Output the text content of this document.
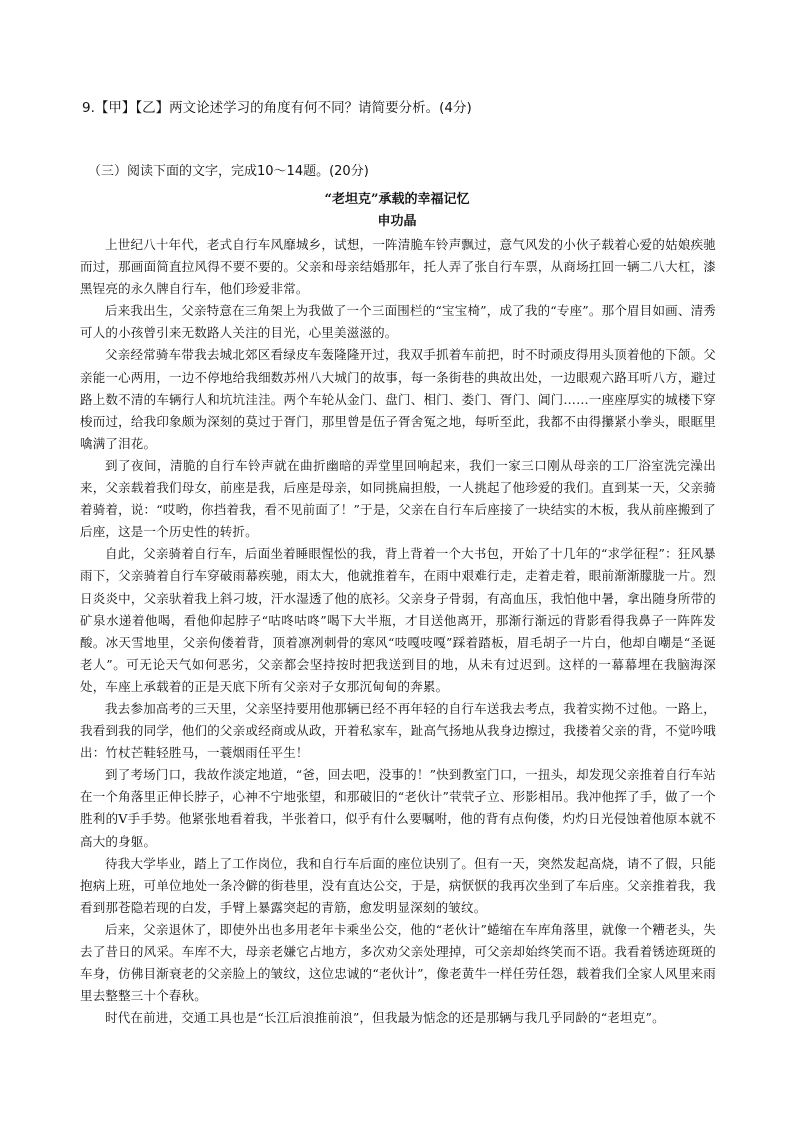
9.【甲】【乙】两文论述学习的角度有何不同？请简要分析。(4分)
（三）阅读下面的文字，完成10～14题。(20分)
“老坦克”承载的幸福记忆
申功晶

上世纪八十年代，老式自行车风靡城乡，试想，一阵清脆车铃声飘过，意气风发的小伙子载着心爱的姑娘疾驰而过，那画面简直拉风得不要不要的。父亲和母亲结婚那年，托人弄了张自行车票，从商场扛回一辆二八大杠，漆黑锃亮的永久牌自行车，他们珍爱非常。

后来我出生，父亲特意在三角架上为我做了一个三面围栏的“宝宝椅”，成了我的“专座”。那个眉目如画、清秀可人的小孩曾引来无数路人关注的目光，心里美滋滋的。

父亲经常骑车带我去城北郊区看绿皮车轰隆隆开过，我双手抓着车前把，时不时顽皮得用头顶着他的下颌。父亲能一心两用，一边不停地给我细数苏州八大城门的故事，每一条街巷的典故出处，一边眼观六路耳听八方，避过路上数不清的车辆行人和坑坑洼洼。两个车轮从金门、盘门、相门、娄门、胥门、阊门……一座座厚实的城楼下穿梭而过，给我印象颇为深刻的莫过于胥门，那里曾是伍子胥舍冤之地，每听至此，我都不由得攥紧小拳头，眼眶里噙满了泪花。

到了夜间，清脆的自行车铃声就在曲折幽暗的弄堂里回响起来，我们一家三口刚从母亲的工厂浴室洗完澡出来，父亲载着我们母女，前座是我，后座是母亲，如同挑扁担般，一人挑起了他珍爱的我们。直到某一天，父亲骑着骑着，说：“哎哟，你挡着我，看不见前面了！”于是，父亲在自行车后座接了一块结实的木板，我从前座搬到了后座，这是一个历史性的转折。

自此，父亲骑着自行车，后面坐着睡眼惺忪的我，背上背着一个大书包，开始了十几年的“求学征程”：狂风暴雨下，父亲骑着自行车穿破雨幕疾驰，雨太大，他就推着车，在雨中艰难行走，走着走着，眼前渐渐朦胧一片。烈日炎炎中，父亲驮着我上斜刁坡，汗水湿透了他的底衫。父亲身子骨弱，有高血压，我怕他中暑，拿出随身所带的矿泉水递着他喝，看他仰起脖子“咕咚咕咚”喝下大半瓶，才目送他离开，那渐行渐远的背影看得我鼻子一阵阵发酸。冰天雪地里，父亲佝偻着背，顶着凛冽刺骨的寒风“吱嘎吱嘎”踩着踏板，眉毛胡子一片白，他却自嘲是“圣诞老人”。可无论天气如何恶劣，父亲都会坚持按时把我送到目的地，从未有过迟到。这样的一幕幕埋在我脑海深处，车座上承载着的正是天底下所有父亲对子女那沉甸甸的奔累。

我去参加高考的三天里，父亲坚持要用他那辆已经不再年轻的自行车送我去考点，我着实拗不过他。一路上，我看到我的同学，他们的父亲或经商或从政，开着私家车，趾高气扬地从我身边擦过，我搂着父亲的背，不觉吟哦出：竹杖芒鞋轻胜马，一蓑烟雨任平生！

到了考场门口，我故作淡定地道，“爸，回去吧，没事的！”快到教室门口，一扭头，却发现父亲推着自行车站在一个角落里正伸长脖子，心神不宁地张望，和那破旧的“老伙计”茕茕孑立、形影相吊。我冲他挥了手，做了一个胜利的V手手势。他紧张地看着我，半张着口，似乎有什么要嘱咐，他的背有点佝偻，灼灼日光侵蚀着他原本就不高大的身躯。

待我大学毕业，踏上了工作岗位，我和自行车后面的座位诀别了。但有一天，突然发起高烧，请不了假，只能抱病上班，可单位地处一条冷僻的街巷里，没有直达公交，于是，病恹恹的我再次坐到了车后座。父亲推着我，我看到那苍隐若现的白发，手臂上暴露突起的青筋，愈发明显深刻的皱纹。

后来，父亲退休了，即使外出也多用老年卡乘坐公交，他的“老伙计”蜷缩在车库角落里，就像一个糟老头，失去了昔日的风采。车库不大，母亲老嫌它占地方，多次劝父亲处理掉，可父亲却始终笑而不语。我看着锈迹斑斑的车身，仿佛目渐衰老的父亲脸上的皱纹，这位忠诚的“老伙计”，像老黄牛一样任劳任怨，载着我们全家人风里来雨里去整整三十个春秋。

时代在前进，交通工具也是“长江后浪推前浪”，但我最为惦念的还是那辆与我几乎同龄的“老坦克”。
